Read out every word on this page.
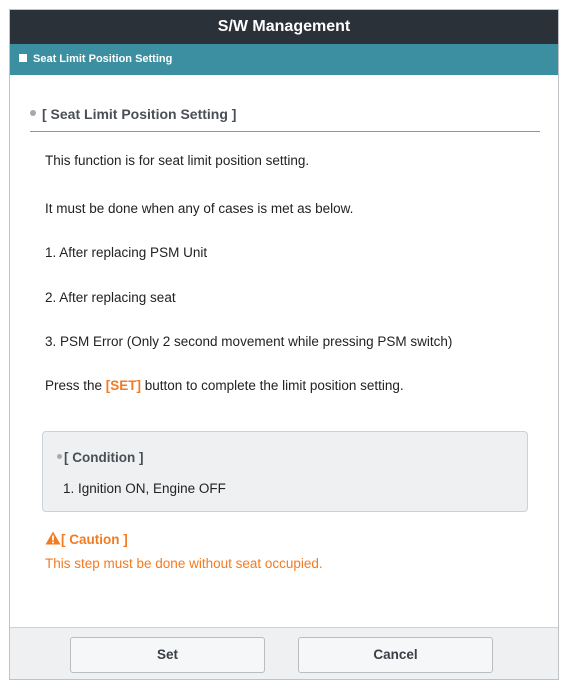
S/W Management
Seat Limit Position Setting
[ Seat Limit Position Setting ]
This function is for seat limit position setting.
It must be done when any of cases is met as below.
1. After replacing PSM Unit
2. After replacing seat
3. PSM Error (Only 2 second movement while pressing PSM switch)
Press the [SET] button to complete the limit position setting.
[ Condition ]
1. Ignition ON, Engine OFF
[ Caution ]
This step must be done without seat occupied.
Set	Cancel
